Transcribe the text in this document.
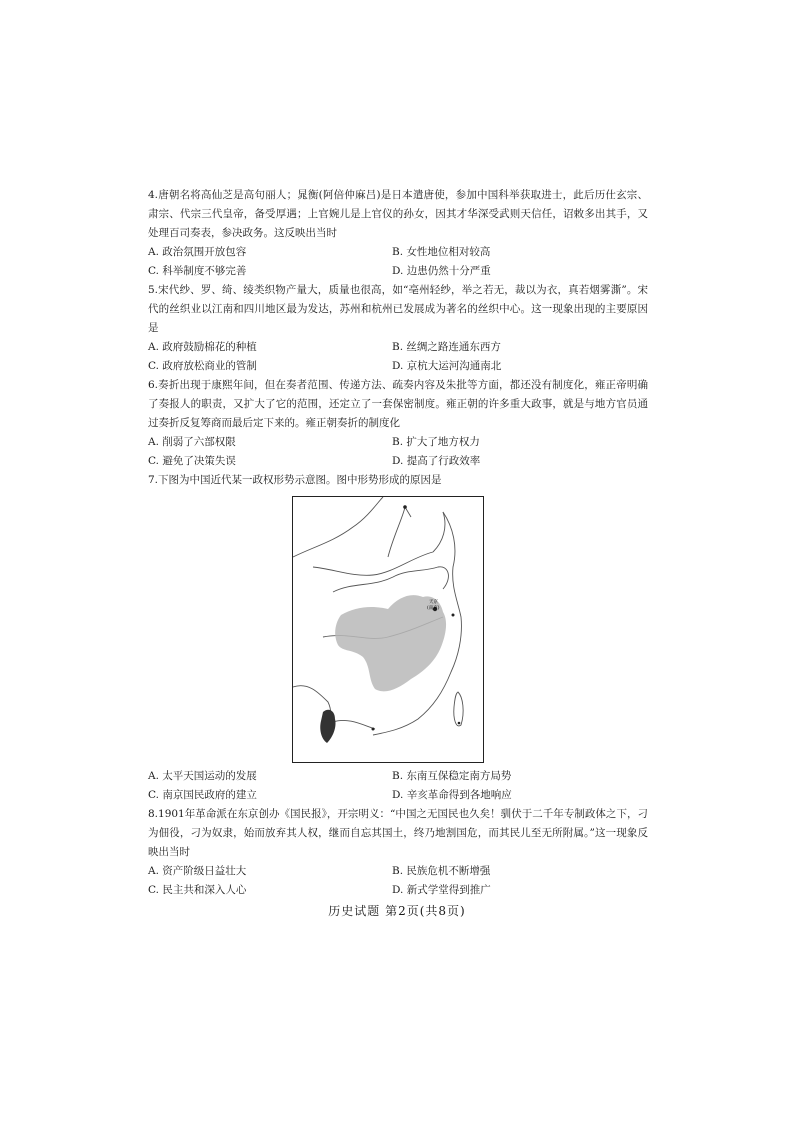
4.唐朝名将高仙芝是高句丽人；晁衡(阿倍仲麻吕)是日本遣唐使，参加中国科举获取进士，此后历仕玄宗、肃宗、代宗三代皇帝，备受厚遇；上官婉儿是上官仪的孙女，因其才华深受武则天信任，诏敕多出其手，又处理百司奏表，参决政务。这反映出当时

A. 政治氛围开放包容	B. 女性地位相对较高
C. 科举制度不够完善	D. 边患仍然十分严重

5.宋代纱、罗、绮、绫类织物产量大，质量也很高，如“亳州轻纱，举之若无，裁以为衣，真若烟雾澌”。宋代的丝织业以江南和四川地区最为发达，苏州和杭州已发展成为著名的丝织中心。这一现象出现的主要原因是

A. 政府鼓励棉花的种植	B. 丝绸之路连通东西方
C. 政府放松商业的管制	D. 京杭大运河沟通南北

6.奏折出现于康熙年间，但在奏者范围、传递方法、疏奏内容及朱批等方面，都还没有制度化，雍正帝明确了奏报人的职责，又扩大了它的范围，还定立了一套保密制度。雍正朝的许多重大政事，就是与地方官员通过奏折反复筹商而最后定下来的。雍正朝奏折的制度化

A. 削弱了六部权限	B. 扩大了地方权力
C. 避免了决策失误	D. 提高了行政效率

7.下图为中国近代某一政权形势示意图。图中形势形成的原因是

天京
(南京)
A. 太平天国运动的发展	B. 东南互保稳定南方局势
C. 南京国民政府的建立	D. 辛亥革命得到各地响应

8.1901年革命派在东京创办《国民报》，开宗明义：“中国之无国民也久矣！驯伏于二千年专制政体之下，刁为佃役，刁为奴隶，始而放弃其人权，继而自忘其国土，终乃地割国危，而其民儿至无所附属。”这一现象反映出当时

A. 资产阶级日益壮大	B. 民族危机不断增强
C. 民主共和深入人心	D. 新式学堂得到推广
历史试题 第2页(共8页)
